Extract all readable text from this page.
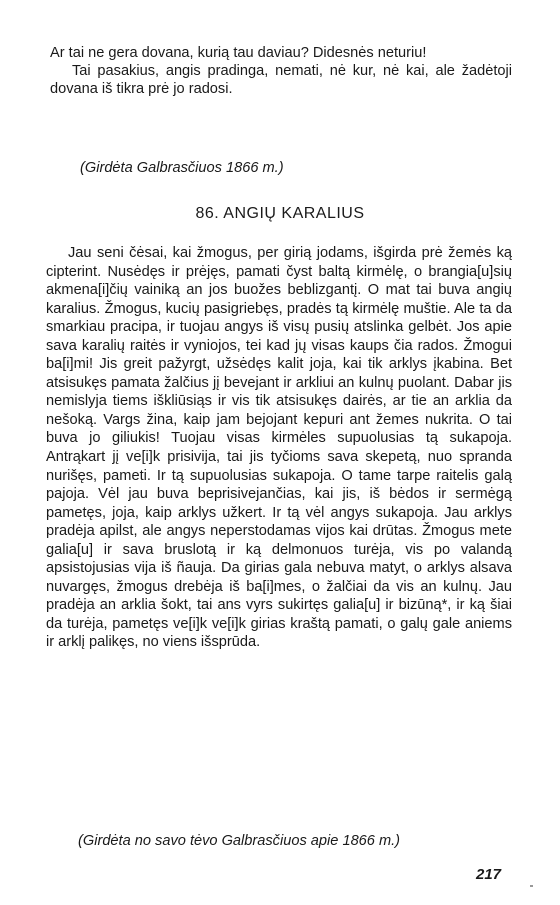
Ar tai ne gera dovana, kurią tau daviau? Didesnės neturiu!

Tai pasakius, angis pradinga, nemati, nė kur, nė kai, ale žadėtoji dovana iš tikra prė jo radosi.

(Girdėta Galbrasčiuos 1866 m.)
86. ANGIŲ KARALIUS

Jau seni čėsai, kai žmogus, per girią jodams, išgirda prė žemės ką cipterint. Nusėdęs ir prėjęs, pamati čyst baltą kirmėlę, o brangia[u]sių akmena[i]čių vainiką an jos buožes beblizgantį. O mat tai buva angių karalius. Žmogus, kucių pasigriebęs, pradės tą kirmėlę muštie. Ale ta da smarkiau pracipa, ir tuojau angys iš visų pusių atslinka gelbėt. Jos apie sava karalių raitės ir vyniojos, tei kad jų visas kaups čia rados. Žmogui ba[i]mi! Jis greit pažyrgt, užsėdęs kalit joja, kai tik arklys įkabina. Bet atsisukęs pamata žalčius jį bevejant ir arkliui an kulnų puolant. Dabar jis nemislyja tiems iškliūsiąs ir vis tik atsisukęs dairės, ar tie an arklia da nešoką. Vargs žina, kaip jam bejojant kepuri ant žemes nukrita. O tai buva jo giliukis! Tuojau visas kirmėles supuolusias tą sukapoja. Antrąkart jį ve[i]k prisivija, tai jis tyčioms sava skepetą, nuo spranda nurišęs, pameti. Ir tą supuolusias sukapoja. O tame tarpe raitelis galą pajoja. Vėl jau buva beprisivejančias, kai jis, iš bėdos ir sermėgą pametęs, joja, kaip arklys užkert. Ir tą vėl angys sukapoja. Jau arklys pradėja apilst, ale angys neperstodamas vijos kai drūtas. Žmogus mete galia[u] ir sava bruslotą ir ką delmonuos turėja, vis po valandą apsistojusias vija iš ñauja. Da girias gala nebuva matyt, o arklys alsava nuvargęs, žmogus drebėja iš ba[i]mes, o žalčiai da vis an kulnų. Jau pradėja an arklia šokt, tai ans vyrs sukirtęs galia[u] ir bizūną*, ir ką šiai da turėja, pametęs ve[i]k ve[i]k girias kraštą pamati, o galų gale aniems ir arklį palikęs, no viens išsprūda.

(Girdėta no savo tėvo Galbrasčiuos apie 1866 m.)
217
